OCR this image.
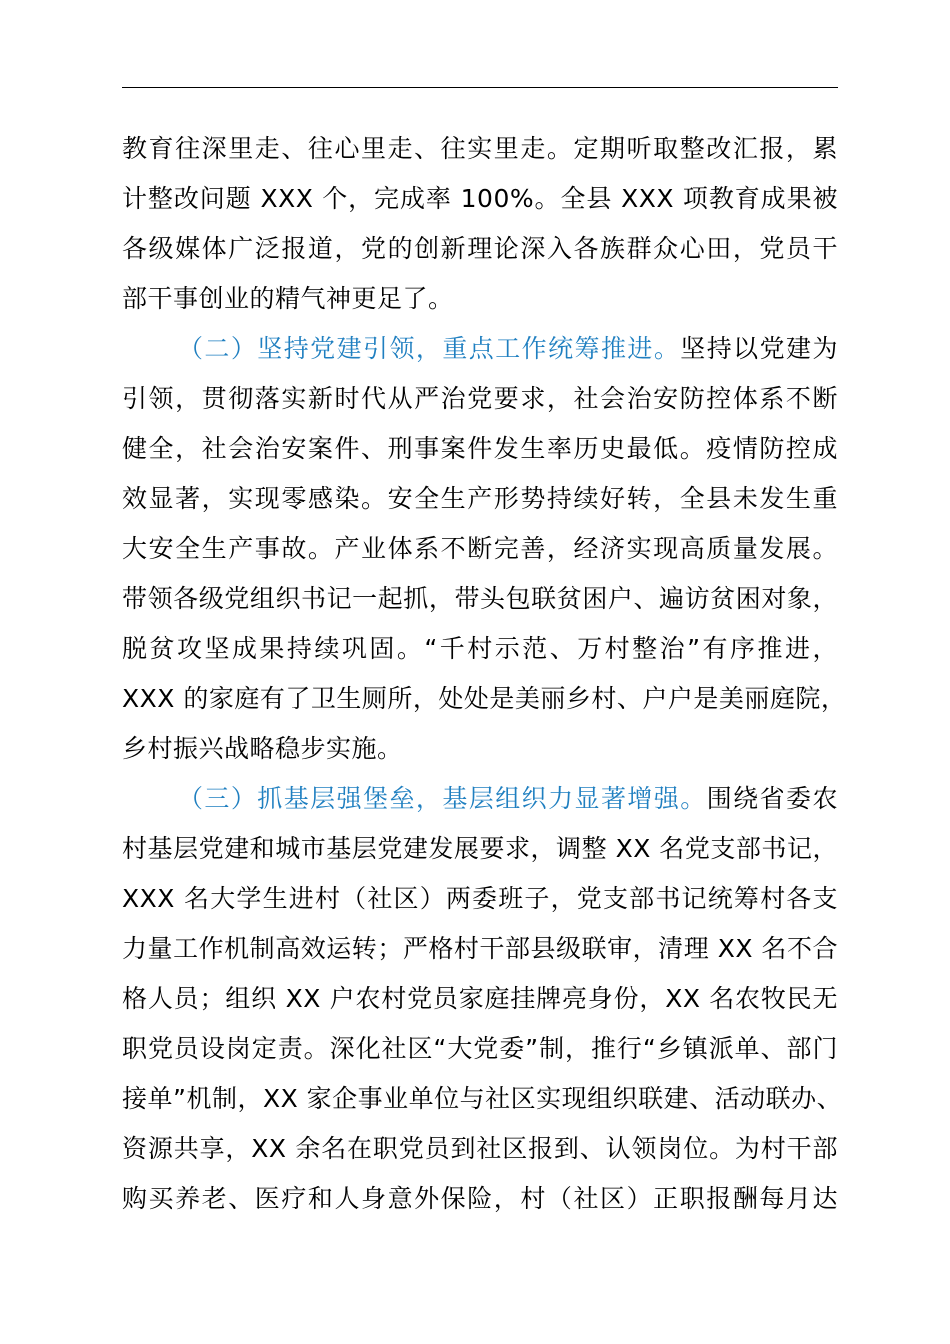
教育往深里走、往心里走、往实里走。定期听取整改汇报，累
计整改问题 XXX 个，完成率 100%。全县 XXX 项教育成果被
各级媒体广泛报道，党的创新理论深入各族群众心田，党员干
部干事创业的精气神更足了。
（二）坚持党建引领，重点工作统筹推进。坚持以党建为
引领，贯彻落实新时代从严治党要求，社会治安防控体系不断
健全，社会治安案件、刑事案件发生率历史最低。疫情防控成
效显著，实现零感染。安全生产形势持续好转，全县未发生重
大安全生产事故。产业体系不断完善，经济实现高质量发展。
带领各级党组织书记一起抓，带头包联贫困户、遍访贫困对象，
脱贫攻坚成果持续巩固。“千村示范、万村整治”有序推进，
XXX 的家庭有了卫生厕所，处处是美丽乡村、户户是美丽庭院，
乡村振兴战略稳步实施。
（三）抓基层强堡垒，基层组织力显著增强。围绕省委农
村基层党建和城市基层党建发展要求，调整 XX 名党支部书记，
XXX 名大学生进村（社区）两委班子，党支部书记统筹村各支
力量工作机制高效运转；严格村干部县级联审，清理 XX 名不合
格人员；组织 XX 户农村党员家庭挂牌亮身份，XX 名农牧民无
职党员设岗定责。深化社区“大党委”制，推行“乡镇派单、部门
接单”机制，XX 家企事业单位与社区实现组织联建、活动联办、
资源共享，XX 余名在职党员到社区报到、认领岗位。为村干部
购买养老、医疗和人身意外保险，村（社区）正职报酬每月达
